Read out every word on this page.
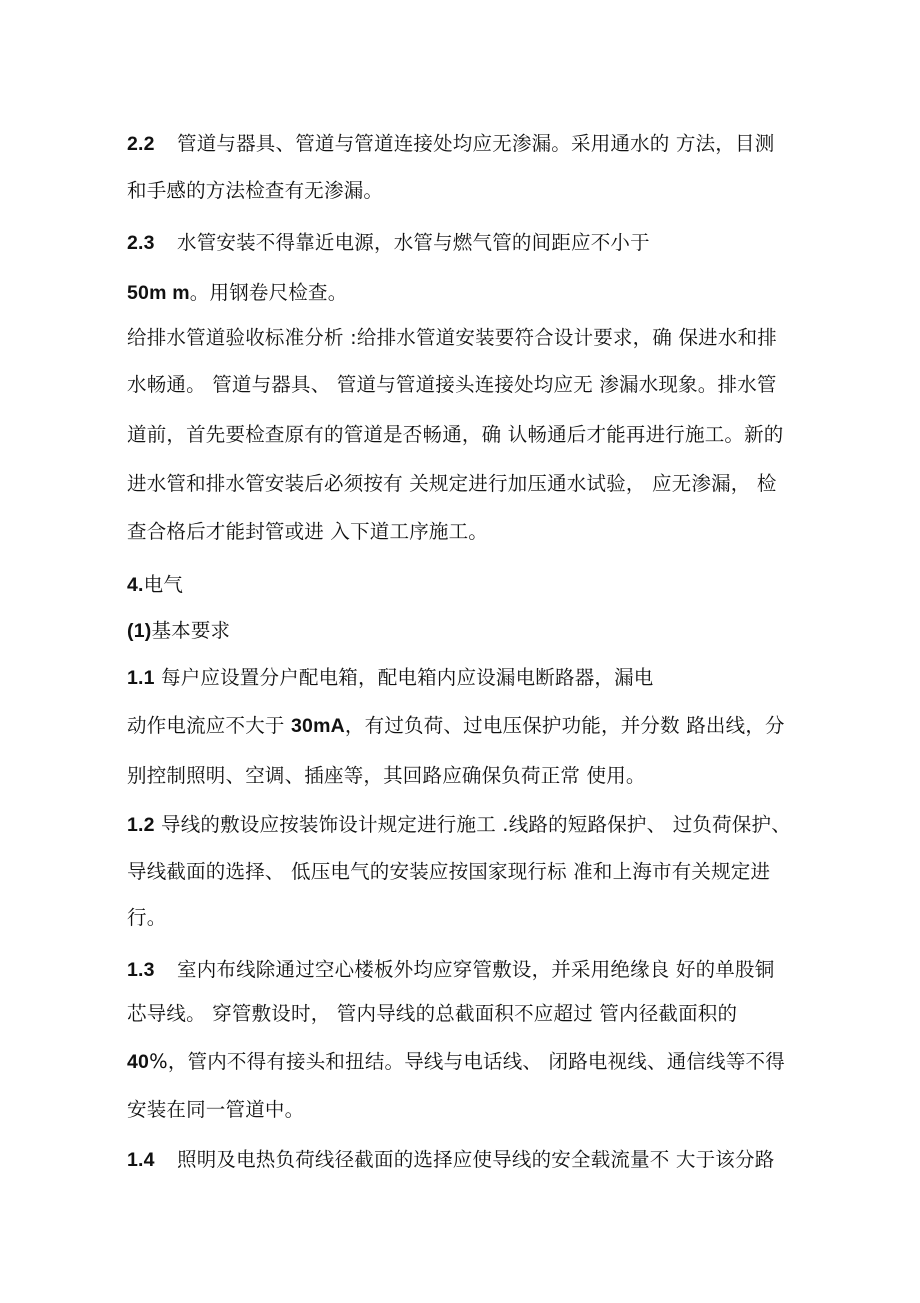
2.2 管道与器具、管道与管道连接处均应无渗漏。采用通水的 方法，目测
和手感的方法检查有无渗漏。
2.3 水管安装不得靠近电源，水管与燃气管的间距应不小于
50m m。用钢卷尺检查。
给排水管道验收标准分析 :给排水管道安装要符合设计要求，确 保进水和排
水畅通。 管道与器具、 管道与管道接头连接处均应无 渗漏水现象。排水管
道前，首先要检查原有的管道是否畅通，确 认畅通后才能再进行施工。新的
进水管和排水管安装后必须按有 关规定进行加压通水试验， 应无渗漏， 检
查合格后才能封管或进 入下道工序施工。
4.电气
(1)基本要求
1.1 每户应设置分户配电箱，配电箱内应设漏电断路器，漏电
动作电流应不大于 30mA，有过负荷、过电压保护功能，并分数 路出线，分
别控制照明、空调、插座等，其回路应确保负荷正常 使用。
1.2 导线的敷设应按装饰设计规定进行施工 .线路的短路保护、 过负荷保护、
导线截面的选择、 低压电气的安装应按国家现行标 准和上海市有关规定进
行。
1.3 室内布线除通过空心楼板外均应穿管敷设，并采用绝缘良 好的单股铜
芯导线。 穿管敷设时， 管内导线的总截面积不应超过 管内径截面积的
40%，管内不得有接头和扭结。导线与电话线、 闭路电视线、通信线等不得
安装在同一管道中。
1.4 照明及电热负荷线径截面的选择应使导线的安全载流量不 大于该分路
